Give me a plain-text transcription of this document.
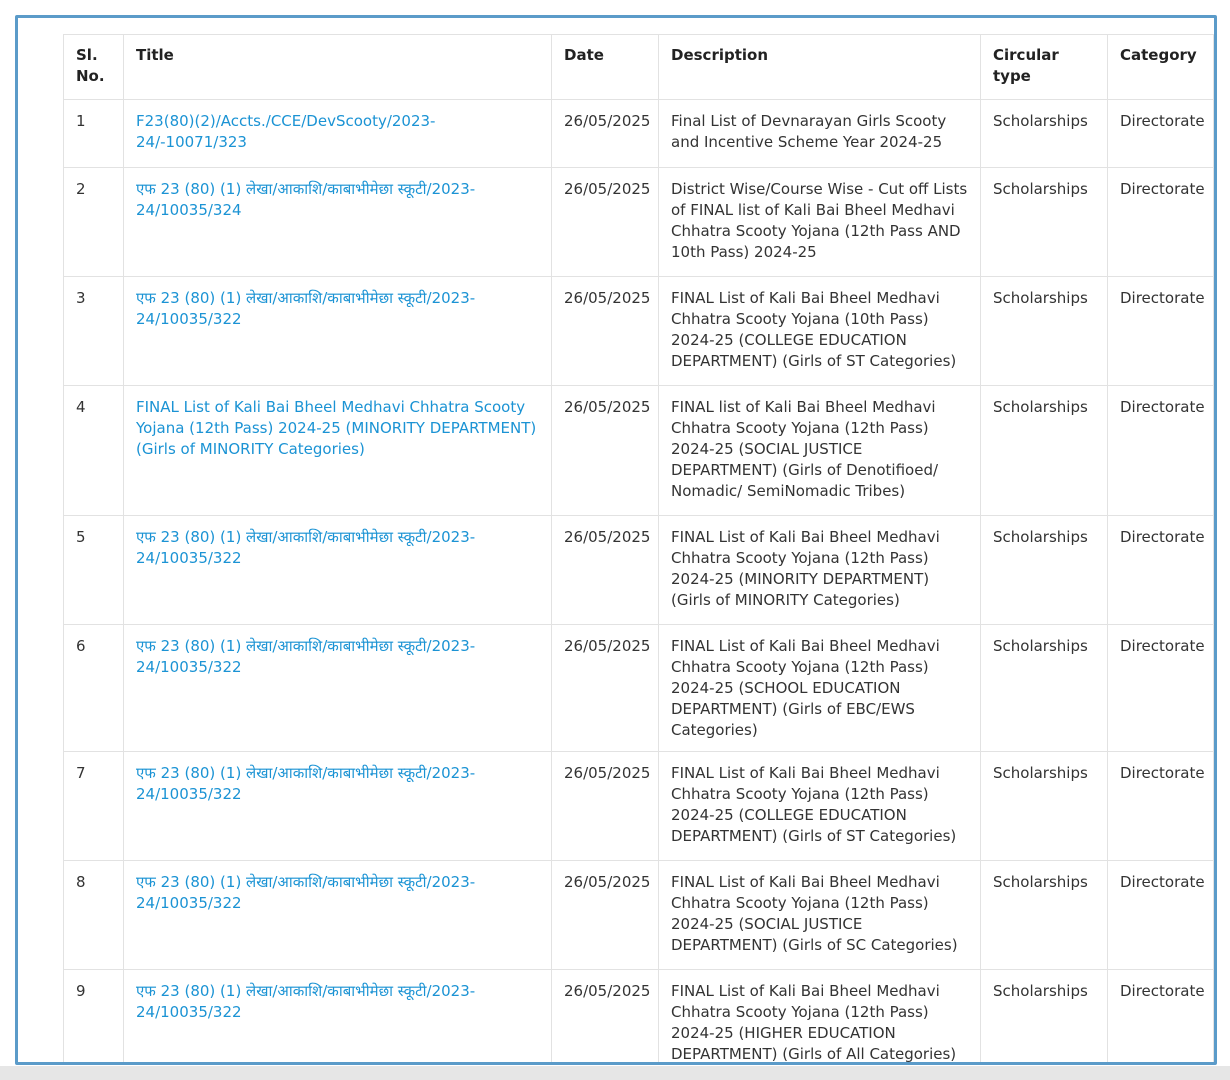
Sl. No.	Title	Date	Description	Circular type	Category
1	F23(80)(2)/Accts./CCE/DevScooty/2023-24/-10071/323	26/05/2025	Final List of Devnarayan Girls Scooty and Incentive Scheme Year 2024-25	Scholarships	Directorate
2	एफ 23 (80) (1) लेखा/आकाशि/काबाभीमेछा स्कूटी/2023-24/10035/324	26/05/2025	District Wise/Course Wise - Cut off Lists of FINAL list of Kali Bai Bheel Medhavi Chhatra Scooty Yojana (12th Pass AND 10th Pass) 2024-25	Scholarships	Directorate
3	एफ 23 (80) (1) लेखा/आकाशि/काबाभीमेछा स्कूटी/2023-24/10035/322	26/05/2025	FINAL List of Kali Bai Bheel Medhavi Chhatra Scooty Yojana (10th Pass) 2024-25 (COLLEGE EDUCATION DEPARTMENT) (Girls of ST Categories)	Scholarships	Directorate
4	FINAL List of Kali Bai Bheel Medhavi Chhatra Scooty Yojana (12th Pass) 2024-25 (MINORITY DEPARTMENT) (Girls of MINORITY Categories)	26/05/2025	FINAL list of Kali Bai Bheel Medhavi Chhatra Scooty Yojana (12th Pass) 2024-25 (SOCIAL JUSTICE DEPARTMENT) (Girls of Denotifioed/ Nomadic/ SemiNomadic Tribes)	Scholarships	Directorate
5	एफ 23 (80) (1) लेखा/आकाशि/काबाभीमेछा स्कूटी/2023-24/10035/322	26/05/2025	FINAL List of Kali Bai Bheel Medhavi Chhatra Scooty Yojana (12th Pass) 2024-25 (MINORITY DEPARTMENT) (Girls of MINORITY Categories)	Scholarships	Directorate
6	एफ 23 (80) (1) लेखा/आकाशि/काबाभीमेछा स्कूटी/2023-24/10035/322	26/05/2025	FINAL List of Kali Bai Bheel Medhavi Chhatra Scooty Yojana (12th Pass) 2024-25 (SCHOOL EDUCATION DEPARTMENT) (Girls of EBC/EWS Categories)	Scholarships	Directorate
7	एफ 23 (80) (1) लेखा/आकाशि/काबाभीमेछा स्कूटी/2023-24/10035/322	26/05/2025	FINAL List of Kali Bai Bheel Medhavi Chhatra Scooty Yojana (12th Pass) 2024-25 (COLLEGE EDUCATION DEPARTMENT) (Girls of ST Categories)	Scholarships	Directorate
8	एफ 23 (80) (1) लेखा/आकाशि/काबाभीमेछा स्कूटी/2023-24/10035/322	26/05/2025	FINAL List of Kali Bai Bheel Medhavi Chhatra Scooty Yojana (12th Pass) 2024-25 (SOCIAL JUSTICE DEPARTMENT) (Girls of SC Categories)	Scholarships	Directorate
9	एफ 23 (80) (1) लेखा/आकाशि/काबाभीमेछा स्कूटी/2023-24/10035/322	26/05/2025	FINAL List of Kali Bai Bheel Medhavi Chhatra Scooty Yojana (12th Pass) 2024-25 (HIGHER EDUCATION DEPARTMENT) (Girls of All Categories)	Scholarships	Directorate
